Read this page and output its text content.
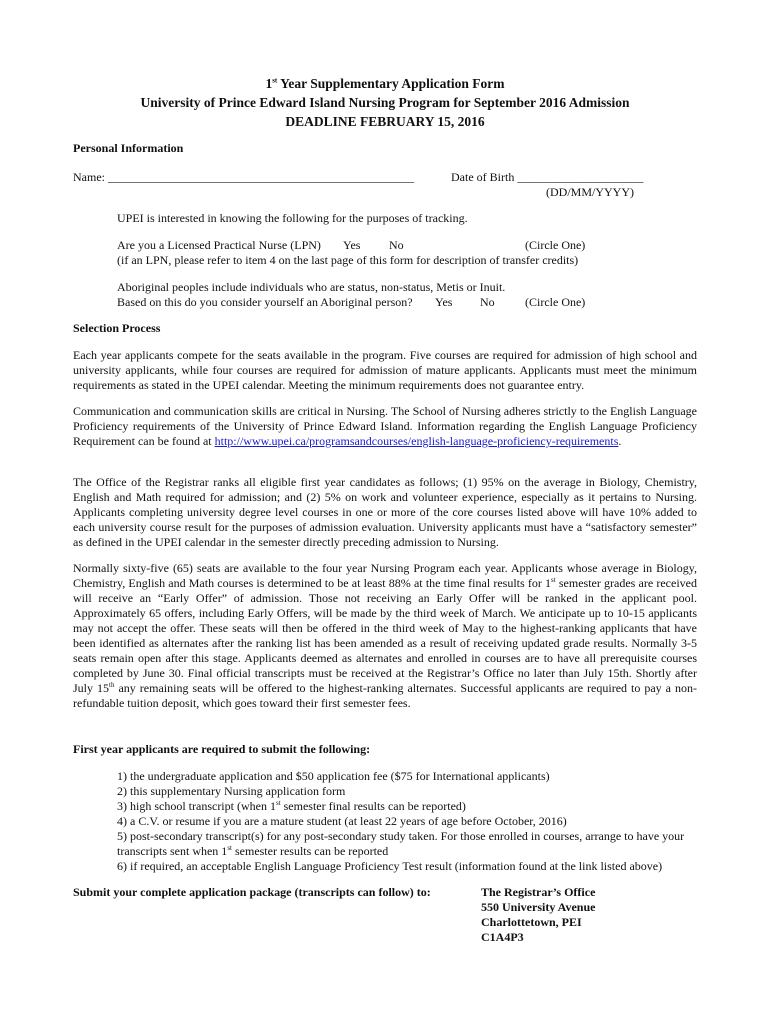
1st Year Supplementary Application Form
University of Prince Edward Island Nursing Program for September 2016 Admission
DEADLINE FEBRUARY 15, 2016
Personal Information
Name: ___________________________________________________	Date of Birth _____________________
(DD/MM/YYYY)
UPEI is interested in knowing the following for the purposes of tracking.
Are you a Licensed Practical Nurse (LPN) Yes No	(Circle One)
(if an LPN, please refer to item 4 on the last page of this form for description of transfer credits)
Aboriginal peoples include individuals who are status, non-status, Metis or Inuit.
Based on this do you consider yourself an Aboriginal person? Yes No	(Circle One)
Selection Process
Each year applicants compete for the seats available in the program. Five courses are required for admission of high school and university applicants, while four courses are required for admission of mature applicants. Applicants must meet the minimum requirements as stated in the UPEI calendar. Meeting the minimum requirements does not guarantee entry.
Communication and communication skills are critical in Nursing. The School of Nursing adheres strictly to the English Language Proficiency requirements of the University of Prince Edward Island. Information regarding the English Language Proficiency Requirement can be found at http://www.upei.ca/programsandcourses/english-language-proficiency-requirements.
The Office of the Registrar ranks all eligible first year candidates as follows; (1) 95% on the average in Biology, Chemistry, English and Math required for admission; and (2) 5% on work and volunteer experience, especially as it pertains to Nursing. Applicants completing university degree level courses in one or more of the core courses listed above will have 10% added to each university course result for the purposes of admission evaluation. University applicants must have a “satisfactory semester” as defined in the UPEI calendar in the semester directly preceding admission to Nursing.
Normally sixty-five (65) seats are available to the four year Nursing Program each year. Applicants whose average in Biology, Chemistry, English and Math courses is determined to be at least 88% at the time final results for 1st semester grades are received will receive an “Early Offer” of admission. Those not receiving an Early Offer will be ranked in the applicant pool. Approximately 65 offers, including Early Offers, will be made by the third week of March. We anticipate up to 10-15 applicants may not accept the offer. These seats will then be offered in the third week of May to the highest-ranking applicants that have been identified as alternates after the ranking list has been amended as a result of receiving updated grade results. Normally 3-5 seats remain open after this stage. Applicants deemed as alternates and enrolled in courses are to have all prerequisite courses completed by June 30. Final official transcripts must be received at the Registrar’s Office no later than July 15th. Shortly after July 15th any remaining seats will be offered to the highest-ranking alternates. Successful applicants are required to pay a non-refundable tuition deposit, which goes toward their first semester fees.
First year applicants are required to submit the following:
1) the undergraduate application and $50 application fee ($75 for International applicants)
2) this supplementary Nursing application form
3) high school transcript (when 1st semester final results can be reported)
4) a C.V. or resume if you are a mature student (at least 22 years of age before October, 2016)
5) post-secondary transcript(s) for any post-secondary study taken. For those enrolled in courses, arrange to have your transcripts sent when 1st semester results can be reported
6) if required, an acceptable English Language Proficiency Test result (information found at the link listed above)
Submit your complete application package (transcripts can follow) to:	The Registrar’s Office
550 University Avenue
Charlottetown, PEI
C1A4P3
